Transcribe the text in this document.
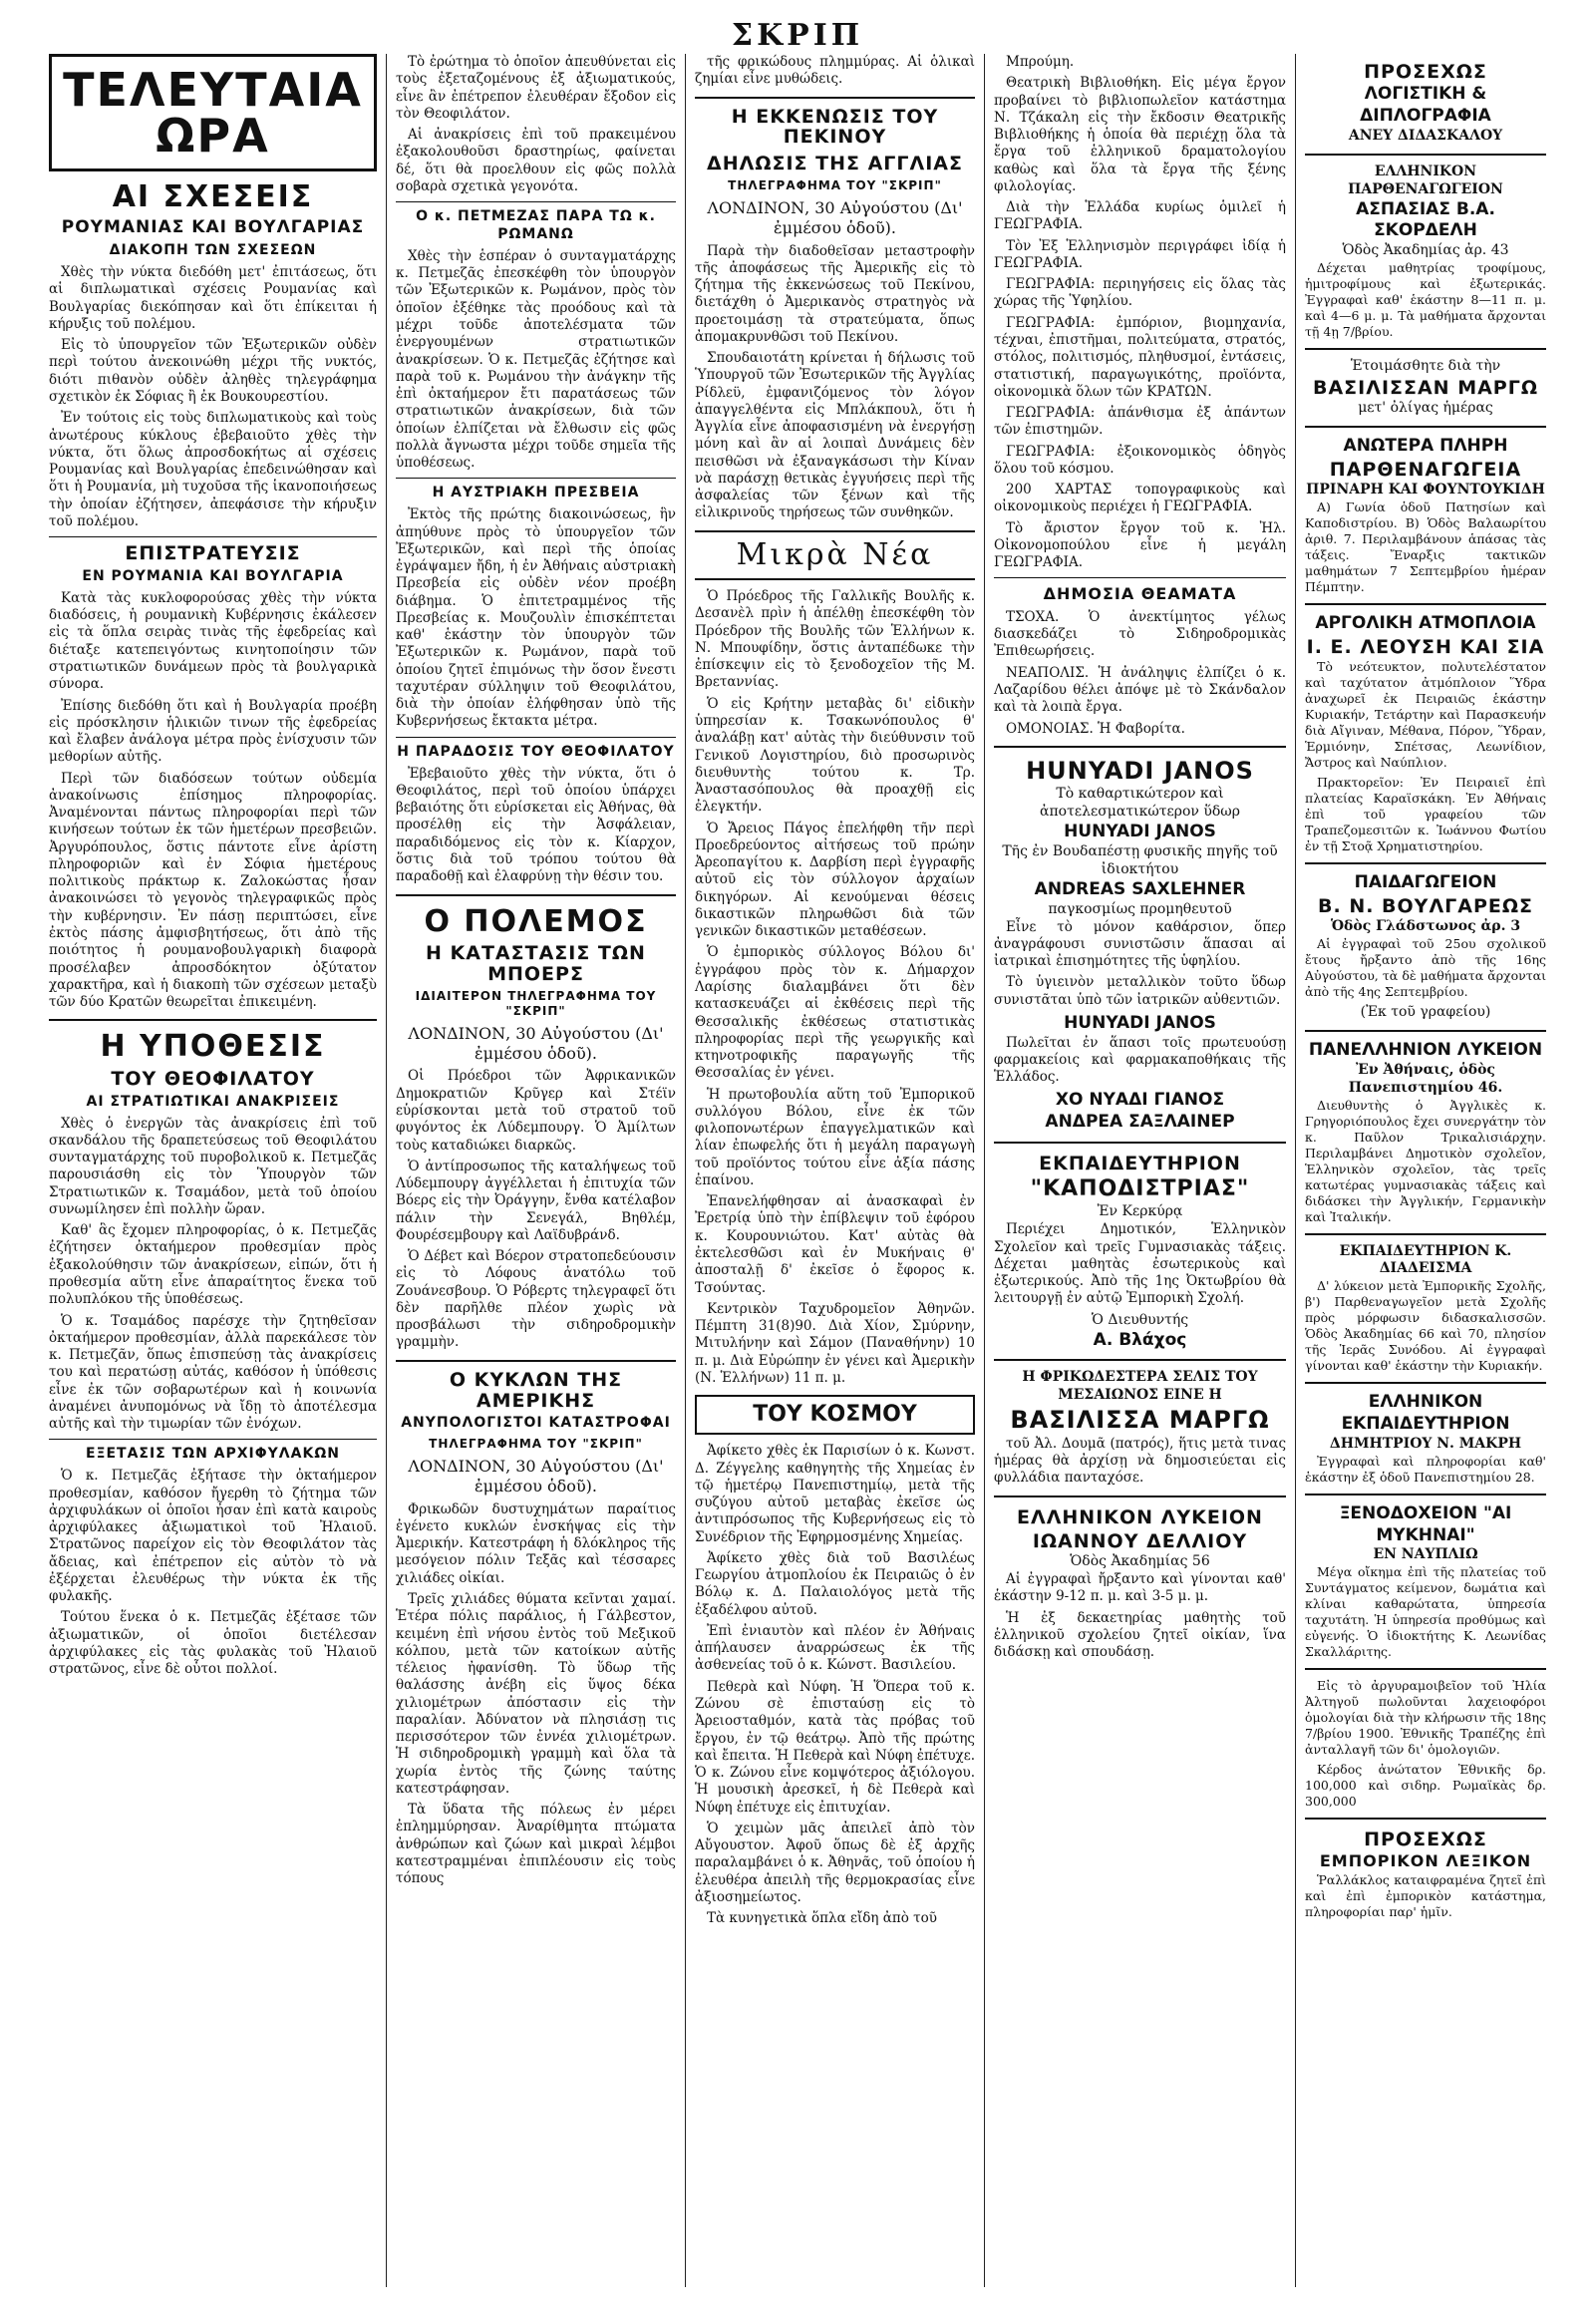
ΣΚΡΙΠ
ΤΕΛΕΥΤΑΙΑ ΩΡΑ
ΑΙ ΣΧΕΣΕΙΣ
ΡΟΥΜΑΝΙΑΣ ΚΑΙ ΒΟΥΛΓΑΡΙΑΣ
ΔΙΑΚΟΠΗ ΤΩΝ ΣΧΕΣΕΩΝ

Χθὲς τὴν νύκτα διεδόθη μετ' ἐπιτάσεως, ὅτι αἱ διπλωματικαὶ σχέσεις Ρουμανίας καὶ Βουλγαρίας διεκόπησαν καὶ ὅτι ἐπίκειται ἡ κήρυξις τοῦ πολέμου.

Εἰς τὸ ὑπουργεῖον τῶν Ἐξωτερικῶν οὐδὲν περὶ τούτου ἀνεκοινώθη μέχρι τῆς νυκτός, διότι πιθανὸν οὐδὲν ἀληθὲς τηλεγράφημα σχετικὸν ἐκ Σόφιας ἢ ἐκ Βουκουρεστίου.

Ἐν τούτοις εἰς τοὺς διπλωματικοὺς καὶ τοὺς ἀνωτέρους κύκλους ἐβεβαιοῦτο χθὲς τὴν νύκτα, ὅτι ὅλως ἀπροσδοκήτως αἱ σχέσεις Ρουμανίας καὶ Βουλγαρίας ἐπεδεινώθησαν καὶ ὅτι ἡ Ρουμανία, μὴ τυχοῦσα τῆς ἱκανοποιήσεως τὴν ὁποίαν ἐζήτησεν, ἀπεφάσισε τὴν κήρυξιν τοῦ πολέμου.

ΕΠΙΣΤΡΑΤΕΥΣΙΣ
ΕΝ ΡΟΥΜΑΝΙΑ ΚΑΙ ΒΟΥΛΓΑΡΙΑ

Κατὰ τὰς κυκλοφορούσας χθὲς τὴν νύκτα διαδόσεις, ἡ ρουμανικὴ Κυβέρνησις ἐκάλεσεν εἰς τὰ ὅπλα σειρὰς τινὰς τῆς ἐφεδρείας καὶ διέταξε κατεπειγόντως κινητοποίησιν τῶν στρατιωτικῶν δυνάμεων πρὸς τὰ βουλγαρικὰ σύνορα.

Ἐπίσης διεδόθη ὅτι καὶ ἡ Βουλγαρία προέβη εἰς πρόσκλησιν ἡλικιῶν τινων τῆς ἐφεδρείας καὶ ἔλαβεν ἀνάλογα μέτρα πρὸς ἐνίσχυσιν τῶν μεθορίων αὐτῆς.

Περὶ τῶν διαδόσεων τούτων οὐδεμία ἀνακοίνωσις ἐπίσημος πληροφορίας. Ἀναμένονται πάντως πληροφορίαι περὶ τῶν κινήσεων τούτων ἐκ τῶν ἡμετέρων πρεσβειῶν. Ἀργυρόπουλος, ὅστις πάντοτε εἶνε ἀρίστη πληροφοριῶν καὶ ἐν Σόφια ἡμετέρους πολιτικοὺς πράκτωρ κ. Ζαλοκώστας ἦσαν ἀνακοινώσει τὸ γεγονὸς τηλεγραφικῶς πρὸς τὴν κυβέρνησιν. Ἐν πάσῃ περιπτώσει, εἶνε ἐκτὸς πάσης ἀμφισβητήσεως, ὅτι ἀπὸ τῆς ποιότητος ἡ ρουμανοβουλγαρικὴ διαφορὰ προσέλαβεν ἀπροσδόκητον ὀξύτατον χαρακτῆρα, καὶ ἡ διακοπὴ τῶν σχέσεων μεταξὺ τῶν δύο Κρατῶν θεωρεῖται ἐπικειμένη.

Η ΥΠΟΘΕΣΙΣ
ΤΟΥ ΘΕΟΦΙΛΑΤΟΥ
ΑΙ ΣΤΡΑΤΙΩΤΙΚΑΙ ΑΝΑΚΡΙΣΕΙΣ

Χθὲς ὁ ἐνεργῶν τὰς ἀνακρίσεις ἐπὶ τοῦ σκανδάλου τῆς δραπετεύσεως τοῦ Θεοφιλάτου συνταγματάρχης τοῦ πυροβολικοῦ κ. Πετμεζᾶς παρουσιάσθη εἰς τὸν Ὑπουργὸν τῶν Στρατιωτικῶν κ. Τσαμάδον, μετὰ τοῦ ὁποίου συνωμίλησεν ἐπὶ πολλὴν ὥραν.

Καθ' ἃς ἔχομεν πληροφορίας, ὁ κ. Πετμεζᾶς ἐζήτησεν ὀκταήμερον προθεσμίαν πρὸς ἐξακολούθησιν τῶν ἀνακρίσεων, εἰπών, ὅτι ἡ προθεσμία αὕτη εἶνε ἀπαραίτητος ἕνεκα τοῦ πολυπλόκου τῆς ὑποθέσεως.

Ὁ κ. Τσαμάδος παρέσχε τὴν ζητηθεῖσαν ὀκταήμερον προθεσμίαν, ἀλλὰ παρεκάλεσε τὸν κ. Πετμεζᾶν, ὅπως ἐπισπεύσῃ τὰς ἀνακρίσεις του καὶ περατώσῃ αὐτάς, καθόσον ἡ ὑπόθεσις εἶνε ἐκ τῶν σοβαρωτέρων καὶ ἡ κοινωνία ἀναμένει ἀνυπομόνως νὰ ἴδῃ τὸ ἀποτέλεσμα αὐτῆς καὶ τὴν τιμωρίαν τῶν ἐνόχων.

ΕΞΕΤΑΣΙΣ ΤΩΝ ΑΡΧΙΦΥΛΑΚΩΝ

Ὁ κ. Πετμεζᾶς ἐξήτασε τὴν ὀκταήμερον προθεσμίαν, καθόσον ἤγερθη τὸ ζήτημα τῶν ἀρχιφυλάκων οἱ ὁποῖοι ἦσαν ἐπὶ κατὰ καιροὺς ἀρχιφύλακες ἀξιωματικοὶ τοῦ Ἠλαιοῦ. Στρατῶνος παρείχον εἰς τὸν Θεοφιλάτον τὰς ἄδειας, καὶ ἐπέτρεπον εἰς αὐτὸν τὸ νὰ ἐξέρχεται ἐλευθέρως τὴν νύκτα ἐκ τῆς φυλακῆς.

Τούτου ἕνεκα ὁ κ. Πετμεζᾶς ἐξέτασε τῶν ἀξιωματικῶν, οἱ ὁποῖοι διετέλεσαν ἀρχιφύλακες εἰς τὰς φυλακὰς τοῦ Ἠλαιοῦ στρατῶνος, εἶνε δὲ οὗτοι πολλοί.

Τὸ ἐρώτημα τὸ ὁποῖον ἀπευθύνεται εἰς τοὺς ἐξεταζομένους ἐξ ἀξιωματικούς, εἶνε ἂν ἐπέτρεπον ἐλευθέραν ἔξοδον εἰς τὸν Θεοφιλάτον.

Αἱ ἀνακρίσεις ἐπὶ τοῦ πρακειμένου ἐξακολουθοῦσι δραστηρίως, φαίνεται δέ, ὅτι θὰ προελθουν εἰς φῶς πολλὰ σοβαρὰ σχετικὰ γεγονότα.

Ο κ. ΠΕΤΜΕΖΑΣ ΠΑΡΑ ΤΩ κ. ΡΩΜΑΝΩ

Χθὲς τὴν ἑσπέραν ὁ συνταγματάρχης κ. Πετμεζᾶς ἐπεσκέφθη τὸν ὑπουργὸν τῶν Ἐξωτερικῶν κ. Ρωμάνον, πρὸς τὸν ὁποῖον ἐξέθηκε τὰς προόδους καὶ τὰ μέχρι τοῦδε ἀποτελέσματα τῶν ἐνεργουμένων στρατιωτικῶν ἀνακρίσεων. Ὁ κ. Πετμεζᾶς ἐζήτησε καὶ παρὰ τοῦ κ. Ρωμάνου τὴν ἀνάγκην τῆς ἐπὶ ὀκταήμερον ἔτι παρατάσεως τῶν στρατιωτικῶν ἀνακρίσεων, διὰ τῶν ὁποίων ἐλπίζεται νὰ ἔλθωσιν εἰς φῶς πολλὰ ἄγνωστα μέχρι τοῦδε σημεῖα τῆς ὑποθέσεως.

Η ΑΥΣΤΡΙΑΚΗ ΠΡΕΣΒΕΙΑ

Ἐκτὸς τῆς πρώτης διακοινώσεως, ἣν ἀπηύθυνε πρὸς τὸ ὑπουργεῖον τῶν Ἐξωτερικῶν, καὶ περὶ τῆς ὁποίας ἐγράψαμεν ἤδη, ἡ ἐν Ἀθήναις αὐστριακὴ Πρεσβεία εἰς οὐδὲν νέον προέβη διάβημα. Ὁ ἐπιτετραμμένος τῆς Πρεσβείας κ. Μουζουλὶν ἐπισκέπτεται καθ' ἑκάστην τὸν ὑπουργὸν τῶν Ἐξωτερικῶν κ. Ρωμάνον, παρὰ τοῦ ὁποίου ζητεῖ ἐπιμόνως τὴν ὅσον ἔνεστι ταχυτέραν σύλληψιν τοῦ Θεοφιλάτου, διὰ τὴν ὁποίαν ἐλήφθησαν ὑπὸ τῆς Κυβερνήσεως ἔκτακτα μέτρα.

Η ΠΑΡΑΔΟΣΙΣ ΤΟΥ ΘΕΟΦΙΛΑΤΟΥ

Ἐβεβαιοῦτο χθὲς τὴν νύκτα, ὅτι ὁ Θεοφιλάτος, περὶ τοῦ ὁποίου ὑπάρχει βεβαιότης ὅτι εὑρίσκεται εἰς Ἀθήνας, θὰ προσέλθῃ εἰς τὴν Ἀσφάλειαν, παραδιδόμενος εἰς τὸν κ. Κίαρχον, ὅστις διὰ τοῦ τρόπου τούτου θὰ παραδοθῇ καὶ ἐλαφρύνῃ τὴν θέσιν του.

Ο ΠΟΛΕΜΟΣ
Η ΚΑΤΑΣΤΑΣΙΣ ΤΩΝ ΜΠΟΕΡΣ
ΙΔΙΑΙΤΕΡΟΝ ΤΗΛΕΓΡΑΦΗΜΑ ΤΟΥ "ΣΚΡΙΠ"
ΛΟΝΔΙΝΟΝ, 30 Αὐγούστου (Δι' ἐμμέσου ὁδοῦ).

Οἱ Πρόεδροι τῶν Ἀφρικανικῶν Δημοκρατιῶν Κρῦγερ καὶ Στέϊν εὑρίσκονται μετὰ τοῦ στρατοῦ τοῦ φυγόντος ἐκ Λύδεμπουργ. Ὁ Ἀμίλτων τοὺς καταδιώκει διαρκῶς.

Ὁ ἀντίπροσωπος τῆς καταλήψεως τοῦ Λύδεμπουργ ἀγγέλλεται ἡ ἐπιτυχία τῶν Βόερς εἰς τὴν Ὀράγγην, ἔνθα κατέλαβον πάλιν τὴν Σενεγάλ, Βηθλέμ, Φουρέσεμβουργ καὶ Λαϊδυβράνδ.

Ὁ Δέβετ καὶ Βόερον στρατοπεδεύουσιν εἰς τὸ Λόφους ἀνατόλω τοῦ Ζουάνεσβουρ. Ὁ Ρόβερτς τηλεγραφεῖ ὅτι δὲν παρῆλθε πλέον χωρὶς νὰ προσβάλωσι τὴν σιδηροδρομικὴν γραμμὴν.

Ο ΚΥΚΛΩΝ ΤΗΣ ΑΜΕΡΙΚΗΣ
ΑΝΥΠΟΛΟΓΙΣΤΟΙ ΚΑΤΑΣΤΡΟΦΑΙ
ΤΗΛΕΓΡΑΦΗΜΑ ΤΟΥ "ΣΚΡΙΠ"
ΛΟΝΔΙΝΟΝ, 30 Αὐγούστου (Δι' ἐμμέσου ὁδοῦ).

Φρικωδῶν δυστυχημάτων παραίτιος ἐγένετο κυκλών ἐνσκήψας εἰς τὴν Ἀμερικήν. Κατεστράφη ἡ δλόκληρος τῆς μεσόγειον πόλιν Τεξᾶς καὶ τέσσαρες χιλιάδες οἰκίαι.

Τρεῖς χιλιάδες θύματα κεῖνται χαμαί. Ἑτέρα πόλις παράλιος, ἡ Γάλβεστον, κειμένη ἐπὶ νήσου ἐντὸς τοῦ Μεξικοῦ κόλπου, μετὰ τῶν κατοίκων αὐτῆς τέλειος ἠφανίσθη. Τὸ ὕδωρ τῆς θαλάσσης ἀνέβη εἰς ὕψος δέκα χιλιομέτρων ἀπόστασιν εἰς τὴν παραλίαν. Ἀδύνατον νὰ πλησιάσῃ τις περισσότερον τῶν ἐννέα χιλιομέτρων. Ἡ σιδηροδρομικὴ γραμμὴ καὶ ὅλα τὰ χωρία ἐντὸς τῆς ζώνης ταύτης κατεστράφησαν.

Τὰ ὕδατα τῆς πόλεως ἐν μέρει ἐπλημμύρησαν. Ἀναρίθμητα πτώματα ἀνθρώπων καὶ ζώων καὶ μικραὶ λέμβοι κατεστραμμέναι ἐπιπλέουσιν εἰς τοὺς τόπους

τῆς φρικώδους πλημμύρας. Αἱ ὁλικαὶ ζημίαι εἶνε μυθώδεις.

Η ΕΚΚΕΝΩΣΙΣ ΤΟΥ ΠΕΚΙΝΟΥ
ΔΗΛΩΣΙΣ ΤΗΣ ΑΓΓΛΙΑΣ
ΤΗΛΕΓΡΑΦΗΜΑ ΤΟΥ "ΣΚΡΙΠ"
ΛΟΝΔΙΝΟΝ, 30 Αὐγούστου (Δι' ἐμμέσου ὁδοῦ).

Παρὰ τὴν διαδοθεῖσαν μεταστροφὴν τῆς ἀποφάσεως τῆς Ἀμερικῆς εἰς τὸ ζήτημα τῆς ἐκκενώσεως τοῦ Πεκίνου, διετάχθη ὁ Ἀμερικανὸς στρατηγὸς νὰ προετοιμάσῃ τὰ στρατεύματα, ὅπως ἀπομακρυνθῶσι τοῦ Πεκίνου.

Σπουδαιοτάτη κρίνεται ἡ δήλωσις τοῦ Ὑπουργοῦ τῶν Ἐσωτερικῶν τῆς Ἀγγλίας Ρίδλεϋ, ἐμφανιζόμενος τὸν λόγον ἀπαγγελθέντα εἰς Μπλάκπουλ, ὅτι ἡ Ἀγγλία εἶνε ἀποφασισμένη νὰ ἐνεργήσῃ μόνη καὶ ἂν αἱ λοιπαὶ Δυνάμεις δὲν πεισθῶσι νὰ ἐξαναγκάσωσι τὴν Κίναν νὰ παράσχῃ θετικὰς ἐγγυήσεις περὶ τῆς ἀσφαλείας τῶν ξένων καὶ τῆς εἰλικρινοῦς τηρήσεως τῶν συνθηκῶν.

Μικρὰ Νέα

Ὁ Πρόεδρος τῆς Γαλλικῆς Βουλῆς κ. Δεσανὲλ πρὶν ἡ ἀπέλθῃ ἐπεσκέφθη τὸν Πρόεδρον τῆς Βουλῆς τῶν Ἑλλήνων κ. Ν. Μπουφίδην, ὅστις ἀνταπέδωκε τὴν ἐπίσκεψιν εἰς τὸ ξενοδοχεῖον τῆς Μ. Βρεταννίας.

Ὁ εἰς Κρήτην μεταβὰς δι' εἰδικὴν ὑπηρεσίαν κ. Τσακωνόπουλος θ' ἀναλάβῃ κατ' αὐτὰς τὴν διεύθυνσιν τοῦ Γενικοῦ Λογιστηρίου, διὸ προσωρινὸς διευθυντὴς τούτου κ. Τρ. Ἀναστασόπουλος θὰ προαχθῇ εἰς ἐλεγκτήν.

Ὁ Ἄρειος Πάγος ἐπελήφθη τῆν περὶ Προεδρεύοντος αἰτήσεως τοῦ πρώην Ἀρεοπαγίτου κ. Δαρβίση περὶ ἐγγραφῆς αὐτοῦ εἰς τὸν σύλλογον ἀρχαίων δικηγόρων. Αἱ κενούμεναι θέσεις δικαστικῶν πληρωθῶσι διὰ τῶν γενικῶν δικαστικῶν μεταθέσεων.

Ὁ ἐμπορικὸς σύλλογος Βόλου δι' ἐγγράφου πρὸς τὸν κ. Δήμαρχον Λαρίσης διαλαμβάνει ὅτι δὲν κατασκευάζει αἱ ἐκθέσεις περὶ τῆς Θεσσαλικῆς ἐκθέσεως στατιστικὰς πληροφορίας περὶ τῆς γεωργικῆς καὶ κτηνοτροφικῆς παραγωγῆς τῆς Θεσσαλίας ἐν γένει.

Ἡ πρωτοβουλία αὕτη τοῦ Ἐμπορικοῦ συλλόγου Βόλου, εἶνε ἐκ τῶν φιλοπονωτέρων ἐπαγγελματικῶν καὶ λίαν ἐπωφελής ὅτι ἡ μεγάλη παραγωγὴ τοῦ προϊόντος τούτου εἶνε ἀξία πάσης ἐπαίνου.

Ἐπανελήφθησαν αἱ ἀνασκαφαὶ ἐν Ἐρετρίᾳ ὑπὸ τὴν ἐπίβλεψιν τοῦ ἐφόρου κ. Κουρουνιώτου. Κατ' αὐτὰς θὰ ἐκτελεσθῶσι καὶ ἐν Μυκήναις θ' ἀποσταλῇ δ' ἐκεῖσε ὁ ἔφορος κ. Τσούντας.

Κεντρικὸν Ταχυδρομεῖον Ἀθηνῶν. Πέμπτη 31(8)90. Διὰ Χίον, Σμύρνην, Μιτυλήνην καὶ Σάμον (Παναθήνην) 10 π. μ. Διὰ Εὐρώπην ἐν γένει καὶ Ἀμερικὴν (Ν. Ἑλλήνων) 11 π. μ.

ΤΟΥ ΚΟΣΜΟΥ

Ἀφίκετο χθὲς ἐκ Παρισίων ὁ κ. Κωνστ. Δ. Ζέγγελης καθηγητὴς τῆς Χημείας ἐν τῷ ἡμετέρῳ Πανεπιστημίῳ, μετὰ τῆς συζύγου αὐτοῦ μεταβὰς ἐκεῖσε ὡς ἀντιπρόσωπος τῆς Κυβερνήσεως εἰς τὸ Συνέδριον τῆς Ἐφηρμοσμένης Χημείας.

Ἀφίκετο χθὲς διὰ τοῦ Βασιλέως Γεωργίου ἀτμοπλοίου ἐκ Πειραιῶς ὁ ἐν Βόλῳ κ. Δ. Παλαιολόγος μετὰ τῆς ἐξαδέλφου αὐτοῦ.

Ἐπὶ ἐνιαυτὸν καὶ πλέον ἐν Ἀθήναις ἀπήλαυσεν ἀναρρώσεως ἐκ τῆς ἀσθενείας τοῦ ὁ κ. Κώνστ. Βασιλείου.

Πεθερὰ καὶ Νύφη. Ἡ Ὅπερα τοῦ κ. Ζώνου σὲ ἐπισταύσῃ εἰς τὸ Ἀρειοσταθμόν, κατὰ τὰς πρόβας τοῦ ἔργου, ἐν τῷ θεάτρῳ. Ἀπὸ τῆς πρώτης καὶ ἔπειτα. Ἡ Πεθερὰ καὶ Νύφη ἐπέτυχε. Ὁ κ. Ζώνου εἶνε κομψότερος ἀξιόλογου. Ἡ μουσικὴ ἀρεσκεῖ, ἡ δὲ Πεθερὰ καὶ Νύφη ἐπέτυχε εἰς ἐπιτυχίαν.

Ὁ χειμὼν μᾶς ἀπειλεῖ ἀπὸ τὸν Αὔγουστον. Ἀφοῦ ὅπως δὲ ἐξ ἀρχῆς παραλαμβάνει ὁ κ. Ἀθηνᾶς, τοῦ ὁποίου ἡ ἐλευθέρα ἀπειλὴ τῆς θερμοκρασίας εἶνε ἀξιοσημείωτος.

Τὰ κυνηγετικὰ ὅπλα εἴδη ἀπὸ τοῦ

Μπρούμη.

Θεατρικὴ Βιβλιοθήκη. Εἰς μέγα ἔργον προβαίνει τὸ βιβλιοπωλεῖον κατάστημα Ν. Τζάκαλη εἰς τὴν ἔκδοσιν Θεατρικῆς Βιβλιοθήκης ἡ ὁποία θὰ περιέχῃ ὅλα τὰ ἔργα τοῦ ἑλληνικοῦ δραματολογίου καθὼς καὶ ὅλα τὰ ἔργα τῆς ξένης φιλολογίας.

Διὰ τὴν Ἑλλάδα κυρίως ὁμιλεῖ ἡ ΓΕΩΓΡΑΦΙΑ.

Τὸν Ἐξ Ἑλληνισμὸν περιγράφει ἰδίᾳ ἡ ΓΕΩΓΡΑΦΙΑ.

ΓΕΩΓΡΑΦΙΑ: περιηγήσεις εἰς ὅλας τὰς χώρας τῆς Ὑφηλίου.

ΓΕΩΓΡΑΦΙΑ: ἐμπόριον, βιομηχανία, τέχναι, ἐπιστῆμαι, πολιτεύματα, στρατός, στόλος, πολιτισμός, πληθυσμοί, ἐντάσεις, στατιστική, παραγωγικότης, προϊόντα, οἰκονομικὰ ὅλων τῶν ΚΡΑΤΩΝ.

ΓΕΩΓΡΑΦΙΑ: ἀπάνθισμα ἐξ ἁπάντων τῶν ἐπιστημῶν.

ΓΕΩΓΡΑΦΙΑ: ἐξοικονομικὸς ὁδηγὸς ὅλου τοῦ κόσμου.

200 ΧΑΡΤΑΣ τοπογραφικοὺς καὶ οἰκονομικοὺς περιέχει ἡ ΓΕΩΓΡΑΦΙΑ.

Τὸ ἄριστον ἔργον τοῦ κ. Ἠλ. Οἰκονομοπούλου εἶνε ἡ μεγάλη ΓΕΩΓΡΑΦΙΑ.

ΔΗΜΟΣΙΑ ΘΕΑΜΑΤΑ

ΤΣΟΧΑ. Ὁ ἀνεκτίμητος γέλως διασκεδάζει τὸ Σιδηροδρομικὰς Ἐπιθεωρήσεις.

ΝΕΑΠΟΛΙΣ. Ἡ ἀνάληψις ἐλπίζει ὁ κ. Λαζαρίδου θέλει ἀπόψε μὲ τὸ Σκάνδαλον καὶ τὰ λοιπὰ ἔργα.

ΟΜΟΝΟΙΑΣ. Ἡ Φαβορίτα.

HUNYADI JANOS
Τὸ καθαρτικώτερον καὶ ἀποτελεσματικώτερον ὕδωρ
HUNYADI JANOS
Τῆς ἐν Βουδαπέστῃ φυσικῆς πηγῆς τοῦ ἰδιοκτήτου
ANDREAS SAXLEHNER
παγκοσμίως προμηθευτοῦ

Εἶνε τὸ μόνον καθάρσιον, ὅπερ ἀναγράφουσι συνιστῶσιν ἅπασαι αἱ ἰατρικαὶ ἐπισημότητες τῆς ὑφηλίου.

Τὸ ὑγιεινὸν μεταλλικὸν τοῦτο ὕδωρ συνιστᾶται ὑπὸ τῶν ἰατρικῶν αὐθεντιῶν.

HUNYADI JANOS

Πωλεῖται ἐν ἅπασι τοῖς πρωτευούσῃ φαρμακείοις καὶ φαρμακαποθήκαις τῆς Ἑλλάδος.

ΧΟ ΝΥΑΔΙ ΓΙΑΝΟΣ
ΑΝΔΡΕΑ ΣΑΞΛΑΙΝΕΡ
ΕΚΠΑΙΔΕΥΤΗΡΙΟΝ
"ΚΑΠΟΔΙΣΤΡΙΑΣ"
Ἐν Κερκύρᾳ

Περιέχει Δημοτικόν, Ἑλληνικὸν Σχολεῖον καὶ τρεῖς Γυμνασιακὰς τάξεις. Δέχεται μαθητὰς ἐσωτερικοὺς καὶ ἐξωτερικούς. Ἀπὸ τῆς 1ης Ὀκτωβρίου θὰ λειτουργῇ ἐν αὐτῷ Ἐμπορικὴ Σχολή.

Ὁ Διευθυντής
Α. Βλάχος
Η ΦΡΙΚΩΔΕΣΤΕΡΑ ΣΕΛΙΣ ΤΟΥ ΜΕΣΑΙΩΝΟΣ ΕΙΝΕ Η
ΒΑΣΙΛΙΣΣΑ ΜΑΡΓΩ

τοῦ Ἀλ. Δουμᾶ (πατρός), ἥτις μετὰ τινας ἡμέρας θὰ ἀρχίσῃ νὰ δημοσιεύεται εἰς φυλλάδια πανταχόσε.

ΕΛΛΗΝΙΚΟΝ ΛΥΚΕΙΟΝ
ΙΩΑΝΝΟΥ ΔΕΛΛΙΟΥ
Ὁδὸς Ἀκαδημίας 56

Αἱ ἐγγραφαὶ ἤρξαντο καὶ γίνονται καθ' ἑκάστην 9-12 π. μ. καὶ 3-5 μ. μ.

Ἡ ἐξ δεκαετηρίας μαθητὴς τοῦ ἑλληνικοῦ σχολείου ζητεῖ οἰκίαν, ἵνα διδάσκῃ καὶ σπουδάσῃ.

ΠΡΟΣΕΧΩΣ
ΛΟΓΙΣΤΙΚΗ & ΔΙΠΛΟΓΡΑΦΙΑ
ΑΝΕΥ ΔΙΔΑΣΚΑΛΟΥ
ΕΛΛΗΝΙΚΟΝ ΠΑΡΘΕΝΑΓΩΓΕΙΟΝ
ΑΣΠΑΣΙΑΣ Β.Α. ΣΚΟΡΔΕΛΗ
Ὁδὸς Ἀκαδημίας ἀρ. 43

Δέχεται μαθητρίας τροφίμους, ἡμιτροφίμους καὶ ἐξωτερικάς. Ἐγγραφαὶ καθ' ἑκάστην 8—11 π. μ. καὶ 4—6 μ. μ. Τὰ μαθήματα ἄρχονται τῇ 4ῃ 7/βρίου.

Ἑτοιμάσθητε διὰ τὴν
ΒΑΣΙΛΙΣΣΑΝ ΜΑΡΓΩ
μετ' ὀλίγας ἡμέρας
ΑΝΩΤΕΡΑ ΠΛΗΡΗ
ΠΑΡΘΕΝΑΓΩΓΕΙΑ
ΠΡΙΝΑΡΗ ΚΑΙ ΦΟΥΝΤΟΥΚΙΔΗ

Α) Γωνία ὁδοῦ Πατησίων καὶ Καποδιστρίου. Β) Ὁδὸς Βαλαωρίτου ἀριθ. 7. Περιλαμβάνουν ἁπάσας τὰς τάξεις. Ἔναρξις τακτικῶν μαθημάτων 7 Σεπτεμβρίου ἡμέραν Πέμπτην.

ΑΡΓΟΛΙΚΗ ΑΤΜΟΠΛΟΙΑ
Ι. Ε. ΛΕΟΥΣΗ ΚΑΙ ΣΙΑ

Τὸ νεότευκτον, πολυτελέστατον καὶ ταχύτατον ἀτμόπλοιον Ὕδρα ἀναχωρεῖ ἐκ Πειραιῶς ἑκάστην Κυριακήν, Τετάρτην καὶ Παρασκευήν διὰ Αἴγιναν, Μέθανα, Πόρον, Ὕδραν, Ἑρμιόνην, Σπέτσας, Λεωνίδιον, Ἄστρος καὶ Ναύπλιον.

Πρακτορεῖον: Ἐν Πειραιεῖ ἐπὶ πλατείας Καραϊσκάκη. Ἐν Ἀθήναις ἐπὶ τοῦ γραφείου τῶν Τραπεζομεσιτῶν κ. Ἰωάννου Φωτίου ἐν τῇ Στοᾷ Χρηματιστηρίου.

ΠΑΙΔΑΓΩΓΕΙΟΝ
Β. Ν. ΒΟΥΛΓΑΡΕΩΣ
Ὁδὸς Γλάδστωνος ἀρ. 3

Αἱ ἐγγραφαὶ τοῦ 25ου σχολικοῦ ἔτους ἤρξαντο ἀπὸ τῆς 16ης Αὐγούστου, τὰ δὲ μαθήματα ἄρχονται ἀπὸ τῆς 4ης Σεπτεμβρίου.

(Ἐκ τοῦ γραφείου)
ΠΑΝΕΛΛΗΝΙΟΝ ΛΥΚΕΙΟΝ
Ἐν Ἀθήναις, ὁδὸς Πανεπιστημίου 46.

Διευθυντὴς ὁ Ἀγγλικὲς κ. Γρηγοριόπουλος ἔχει συνεργάτην τὸν κ. Παῦλον Τρικαλισιάρχην. Περιλαμβάνει Δημοτικὸν σχολεῖον, Ἑλληνικὸν σχολεῖον, τὰς τρεῖς κατωτέρας γυμνασιακὰς τάξεις καὶ διδάσκει τὴν Ἀγγλικήν, Γερμανικὴν καὶ Ἰταλικήν.

ΕΚΠΑΙΔΕΥΤΗΡΙΟΝ Κ. ΔΙΑΔΕΙΣΜΑ

Δ' λύκειον μετὰ Ἐμπορικῆς Σχολῆς, β') Παρθεναγωγεῖον μετὰ Σχολῆς πρὸς μόρφωσιν διδασκαλισσῶν. Ὁδὸς Ἀκαδημίας 66 καὶ 70, πλησίον τῆς Ἱερᾶς Συνόδου. Αἱ ἐγγραφαὶ γίνονται καθ' ἑκάστην τὴν Κυριακήν.

ΕΛΛΗΝΙΚΟΝ
ΕΚΠΑΙΔΕΥΤΗΡΙΟΝ
ΔΗΜΗΤΡΙΟΥ Ν. ΜΑΚΡΗ

Ἐγγραφαὶ καὶ πληροφορίαι καθ' ἑκάστην ἐξ ὁδοῦ Πανεπιστημίου 28.

ΞΕΝΟΔΟΧΕΙΟΝ "ΑΙ ΜΥΚΗΝΑΙ"
ΕΝ ΝΑΥΠΛΙΩ

Μέγα οἴκημα ἐπὶ τῆς πλατείας τοῦ Συντάγματος κείμενον, δωμάτια καὶ κλίναι καθαρώτατα, ὑπηρεσία ταχυτάτη. Ἡ ὑπηρεσία προθύμως καὶ εὐγενής. Ὁ ἰδιοκτήτης Κ. Λεωνίδας Σκαλλάριτης.

Εἰς τὸ ἀργυραμοιβεῖον τοῦ Ἠλία Ἀλτηγοῦ πωλοῦνται λαχειοφόροι ὁμολογίαι διὰ τὴν κλήρωσιν τῆς 18ης 7/βρίου 1900. Ἐθνικῆς Τραπέζης ἐπὶ ἀνταλλαγῆ τῶν δι' ὁμολογιῶν.

Κέρδος ἀνώτατον Ἐθνικῆς δρ. 100,000 καὶ σιδηρ. Ρωμαϊκὰς δρ. 300,000

ΠΡΟΣΕΧΩΣ
ΕΜΠΟΡΙΚΟΝ ΛΕΞΙΚΟΝ

Ῥαλλάκλος καταιφραμένα ζητεῖ ἐπὶ καὶ ἐπὶ ἐμπορικὸν κατάστημα, πληροφορίαι παρ' ἡμῖν.
